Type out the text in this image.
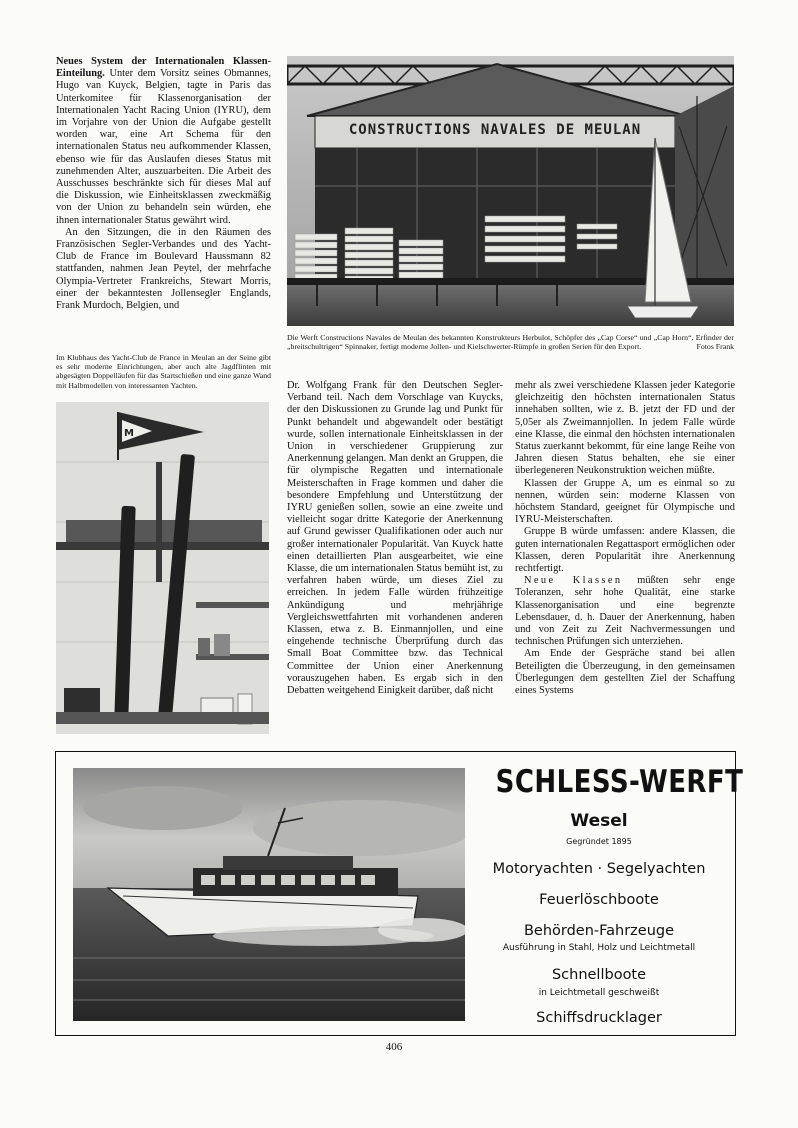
Neues System der Internationalen Klassen-Einteilung. Unter dem Vorsitz seines Obmannes, Hugo van Kuyck, Belgien, tagte in Paris das Unterkomitee für Klassenorganisation der Internationalen Yacht Racing Union (IYRU), dem im Vorjahre von der Union die Aufgabe gestellt worden war, eine Art Schema für den internationalen Status neu aufkommender Klassen, ebenso wie für das Auslaufen dieses Status mit zunehmenden Alter, auszuarbeiten. Die Arbeit des Ausschusses beschränkte sich für dieses Mal auf die Diskussion, wie Einheitsklassen zweckmäßig von der Union zu behandeln sein würden, ehe ihnen internationaler Status gewährt wird.

An den Sitzungen, die in den Räumen des Französischen Segler-Verbandes und des Yacht-Club de France im Boulevard Haussmann 82 stattfanden, nahmen Jean Peytel, der mehrfache Olympia-Vertreter Frankreichs, Stewart Morris, einer der bekanntesten Jollensegler Englands, Frank Murdoch, Belgien, und

CONSTRUCTIONS NAVALES DE MEULAN
Die Werft Constructions Navales de Meulan des bekannten Konstrukteurs Herbulot, Schöpfer des „Cap Corse“ und „Cap Horn“, Erfinder der „breitschultrigen“ Spinnaker, fertigt moderne Jollen- und Kielschwerter-Rümpfe in großen Serien für den Export.	Fotos Frank
Im Klubhaus des Yacht-Club de France in Meulan an der Seine gibt es sehr moderne Einrichtungen, aber auch alte Jagdflinten mit abgesägten Doppelläufen für das Startschießen und eine ganze Wand mit Halbmodellen von interessanten Yachten.
M

Dr. Wolfgang Frank für den Deutschen Segler-Verband teil. Nach dem Vorschlage van Kuycks, der den Diskussionen zu Grunde lag und Punkt für Punkt behandelt und abgewandelt oder bestätigt wurde, sollen internationale Einheitsklassen in der Union in verschiedener Gruppierung zur Anerkennung gelangen. Man denkt an Gruppen, die für olympische Regatten und internationale Meisterschaften in Frage kommen und daher die besondere Empfehlung und Unterstützung der IYRU genießen sollen, sowie an eine zweite und vielleicht sogar dritte Kategorie der Anerkennung auf Grund gewisser Qualifikationen oder auch nur großer internationaler Popularität. Van Kuyck hatte einen detaillierten Plan ausgearbeitet, wie eine Klasse, die um internationalen Status bemüht ist, zu verfahren haben würde, um dieses Ziel zu erreichen. In jedem Falle würden frühzeitige Ankündigung und mehrjährige Vergleichswettfahrten mit vorhandenen anderen Klassen, etwa z. B. Einmannjollen, und eine eingehende technische Überprüfung durch das Small Boat Committee bzw. das Technical Committee der Union einer Anerkennung vorauszugehen haben. Es ergab sich in den Debatten weitgehend Einigkeit darüber, daß nicht

mehr als zwei verschiedene Klassen jeder Kategorie gleichzeitig den höchsten internationalen Status innehaben sollten, wie z. B. jetzt der FD und der 5,05er als Zweimannjollen. In jedem Falle würde eine Klasse, die einmal den höchsten internationalen Status zuerkannt bekommt, für eine lange Reihe von Jahren diesen Status behalten, ehe sie einer überlegeneren Neukonstruktion weichen müßte.

Klassen der Gruppe A, um es einmal so zu nennen, würden sein: moderne Klassen von höchstem Standard, geeignet für Olympische und IYRU-Meisterschaften.

Gruppe B würde umfassen: andere Klassen, die guten internationalen Regattasport ermöglichen oder Klassen, deren Popularität ihre Anerkennung rechtfertigt.

Neue Klassen müßten sehr enge Toleranzen, sehr hohe Qualität, eine starke Klassenorganisation und eine begrenzte Lebensdauer, d. h. Dauer der Anerkennung, haben und von Zeit zu Zeit Nachvermessungen und technischen Prüfungen sich unterziehen.

Am Ende der Gespräche stand bei allen Beteiligten die Überzeugung, in den gemeinsamen Überlegungen dem gestellten Ziel der Schaffung eines Systems

SCHLESS-WERFT
Wesel
Gegründet 1895
Motoryachten · Segelyachten
Feuerlöschboote
Behörden-Fahrzeuge
Ausführung in Stahl, Holz und Leichtmetall
Schnellboote
in Leichtmetall geschweißt
Schiffsdrucklager
406
